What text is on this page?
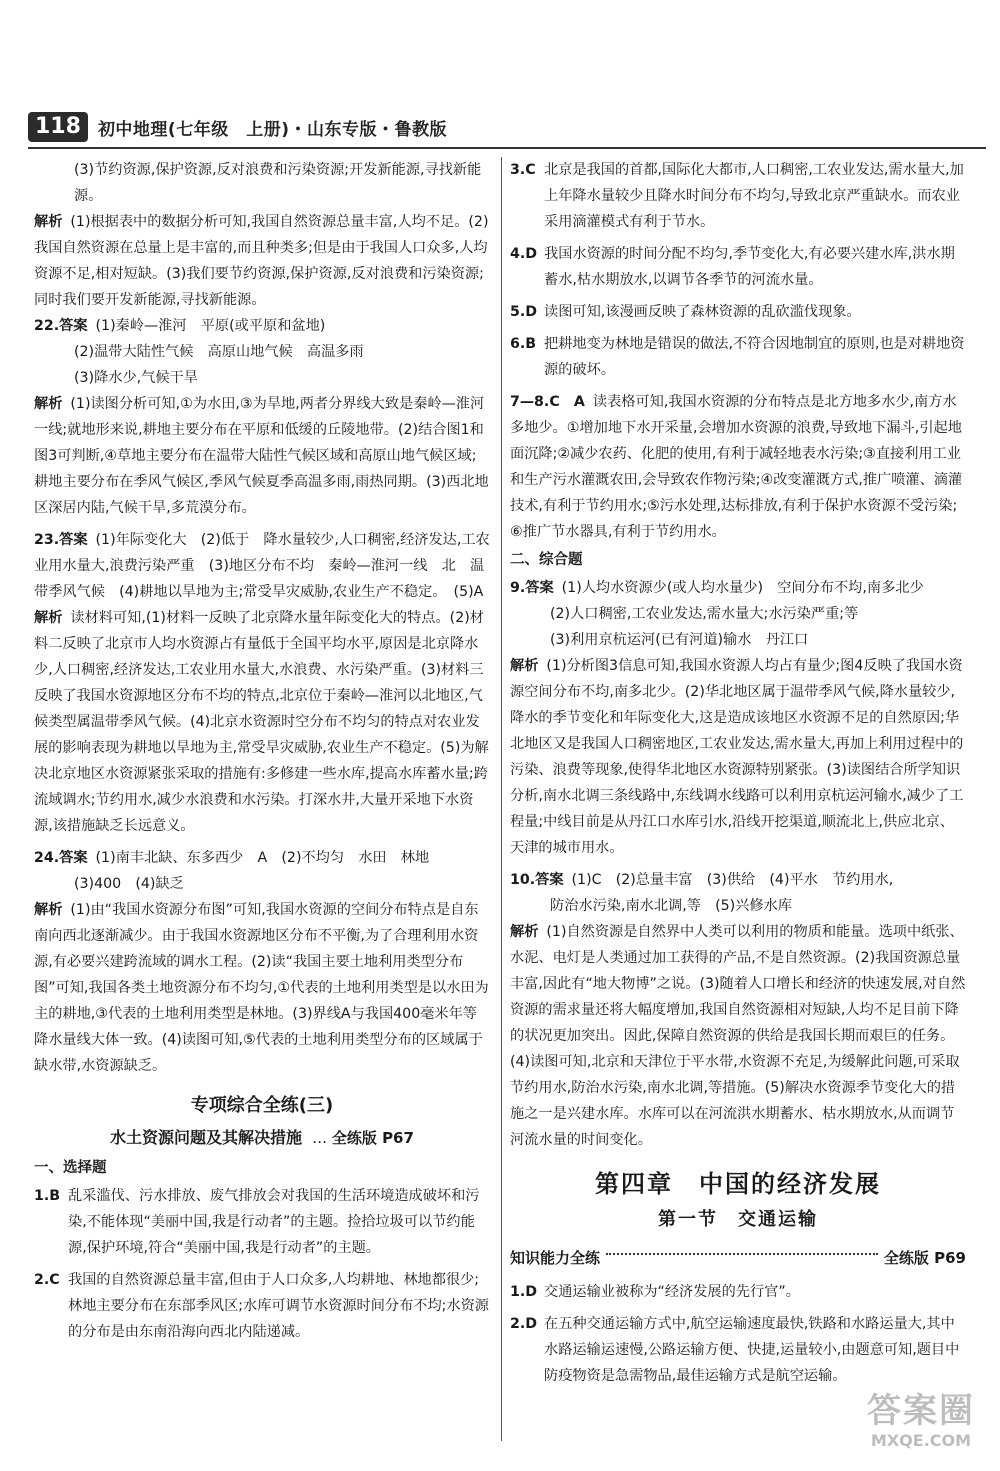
118	初中地理(七年级　上册)・山东专版・鲁教版

(3)节约资源,保护资源,反对浪费和污染资源;开发新能源,寻找新能源。

解析 (1)根据表中的数据分析可知,我国自然资源总量丰富,人均不足。(2)我国自然资源在总量上是丰富的,而且种类多;但是由于我国人口众多,人均资源不足,相对短缺。(3)我们要节约资源,保护资源,反对浪费和污染资源;同时我们要开发新能源,寻找新能源。

22.答案 (1)秦岭—淮河　平原(或平原和盆地)

(2)温带大陆性气候　高原山地气候　高温多雨

(3)降水少,气候干旱

解析 (1)读图分析可知,①为水田,③为旱地,两者分界线大致是秦岭—淮河一线;就地形来说,耕地主要分布在平原和低缓的丘陵地带。(2)结合图1和图3可判断,④草地主要分布在温带大陆性气候区域和高原山地气候区域;耕地主要分布在季风气候区,季风气候夏季高温多雨,雨热同期。(3)西北地区深居内陆,气候干旱,多荒漠分布。

23.答案 (1)年际变化大　(2)低于　降水量较少,人口稠密,经济发达,工农业用水量大,浪费污染严重　(3)地区分布不均　秦岭—淮河一线　北　温带季风气候　(4)耕地以旱地为主;常受旱灾威胁,农业生产不稳定。　(5)A

解析 读材料可知,(1)材料一反映了北京降水量年际变化大的特点。(2)材料二反映了北京市人均水资源占有量低于全国平均水平,原因是北京降水少,人口稠密,经济发达,工农业用水量大,水浪费、水污染严重。(3)材料三反映了我国水资源地区分布不均的特点,北京位于秦岭—淮河以北地区,气候类型属温带季风气候。(4)北京水资源时空分布不均匀的特点对农业发展的影响表现为耕地以旱地为主,常受旱灾威胁,农业生产不稳定。(5)为解决北京地区水资源紧张采取的措施有:多修建一些水库,提高水库蓄水量;跨流域调水;节约用水,减少水浪费和水污染。打深水井,大量开采地下水资源,该措施缺乏长远意义。

24.答案 (1)南丰北缺、东多西少　A　(2)不均匀　水田　林地

(3)400　(4)缺乏

解析 (1)由“我国水资源分布图”可知,我国水资源的空间分布特点是自东南向西北逐渐减少。由于我国水资源地区分布不平衡,为了合理利用水资源,有必要兴建跨流域的调水工程。(2)读“我国主要土地利用类型分布图”可知,我国各类土地资源分布不均匀,①代表的土地利用类型是以水田为主的耕地,③代表的土地利用类型是林地。(3)界线A与我国400毫米年等降水量线大体一致。(4)读图可知,⑤代表的土地利用类型分布的区域属于缺水带,水资源缺乏。

专项综合全练(三)
水土资源问题及其解决措施 …
全练版 P67
一、选择题
1.B 乱采滥伐、污水排放、废气排放会对我国的生活环境造成破坏和污染,不能体现“美丽中国,我是行动者”的主题。捡拾垃圾可以节约能源,保护环境,符合“美丽中国,我是行动者”的主题。
2.C 我国的自然资源总量丰富,但由于人口众多,人均耕地、林地都很少;林地主要分布在东部季风区;水库可调节水资源时间分布不均;水资源的分布是由东南沿海向西北内陆递减。
3.C 北京是我国的首都,国际化大都市,人口稠密,工农业发达,需水量大,加上年降水量较少且降水时间分布不均匀,导致北京严重缺水。而农业采用滴灌模式有利于节水。
4.D 我国水资源的时间分配不均匀,季节变化大,有必要兴建水库,洪水期蓄水,枯水期放水,以调节各季节的河流水量。
5.D 读图可知,该漫画反映了森林资源的乱砍滥伐现象。
6.B 把耕地变为林地是错误的做法,不符合因地制宜的原则,也是对耕地资源的破坏。

7—8.C　A 读表格可知,我国水资源的分布特点是北方地多水少,南方水多地少。①增加地下水开采量,会增加水资源的浪费,导致地下漏斗,引起地面沉降;②减少农药、化肥的使用,有利于减轻地表水污染;③直接利用工业和生产污水灌溉农田,会导致农作物污染;④改变灌溉方式,推广喷灌、滴灌技术,有利于节约用水;⑤污水处理,达标排放,有利于保护水资源不受污染;⑥推广节水器具,有利于节约用水。

二、综合题
9.答案 (1)人均水资源少(或人均水量少)　空间分布不均,南多北少

(2)人口稠密,工农业发达,需水量大;水污染严重;等

(3)利用京杭运河(已有河道)输水　丹江口

解析 (1)分析图3信息可知,我国水资源人均占有量少;图4反映了我国水资源空间分布不均,南多北少。(2)华北地区属于温带季风气候,降水量较少,降水的季节变化和年际变化大,这是造成该地区水资源不足的自然原因;华北地区又是我国人口稠密地区,工农业发达,需水量大,再加上利用过程中的污染、浪费等现象,使得华北地区水资源特别紧张。(3)读图结合所学知识分析,南水北调三条线路中,东线调水线路可以利用京杭运河输水,减少了工程量;中线目前是从丹江口水库引水,沿线开挖渠道,顺流北上,供应北京、天津的城市用水。

10.答案 (1)C　(2)总量丰富　(3)供给　(4)平水　节约用水,

防治水污染,南水北调,等　(5)兴修水库

解析 (1)自然资源是自然界中人类可以利用的物质和能量。选项中纸张、水泥、电灯是人类通过加工获得的产品,不是自然资源。(2)我国资源总量丰富,因此有“地大物博”之说。(3)随着人口增长和经济的快速发展,对自然资源的需求量还将大幅度增加,我国自然资源相对短缺,人均不足目前下降的状况更加突出。因此,保障自然资源的供给是我国长期而艰巨的任务。(4)读图可知,北京和天津位于平水带,水资源不充足,为缓解此问题,可采取节约用水,防治水污染,南水北调,等措施。(5)解决水资源季节变化大的措施之一是兴建水库。水库可以在河流洪水期蓄水、枯水期放水,从而调节河流水量的时间变化。

第四章　中国的经济发展
第一节　交通运输
知识能力全练	全练版 P69
1.D 交通运输业被称为“经济发展的先行官”。
2.D 在五种交通运输方式中,航空运输速度最快,铁路和水路运量大,其中水路运输运速慢,公路运输方便、快捷,运量较小,由题意可知,题目中防疫物资是急需物品,最佳运输方式是航空运输。
答案圈
MXQE.COM
